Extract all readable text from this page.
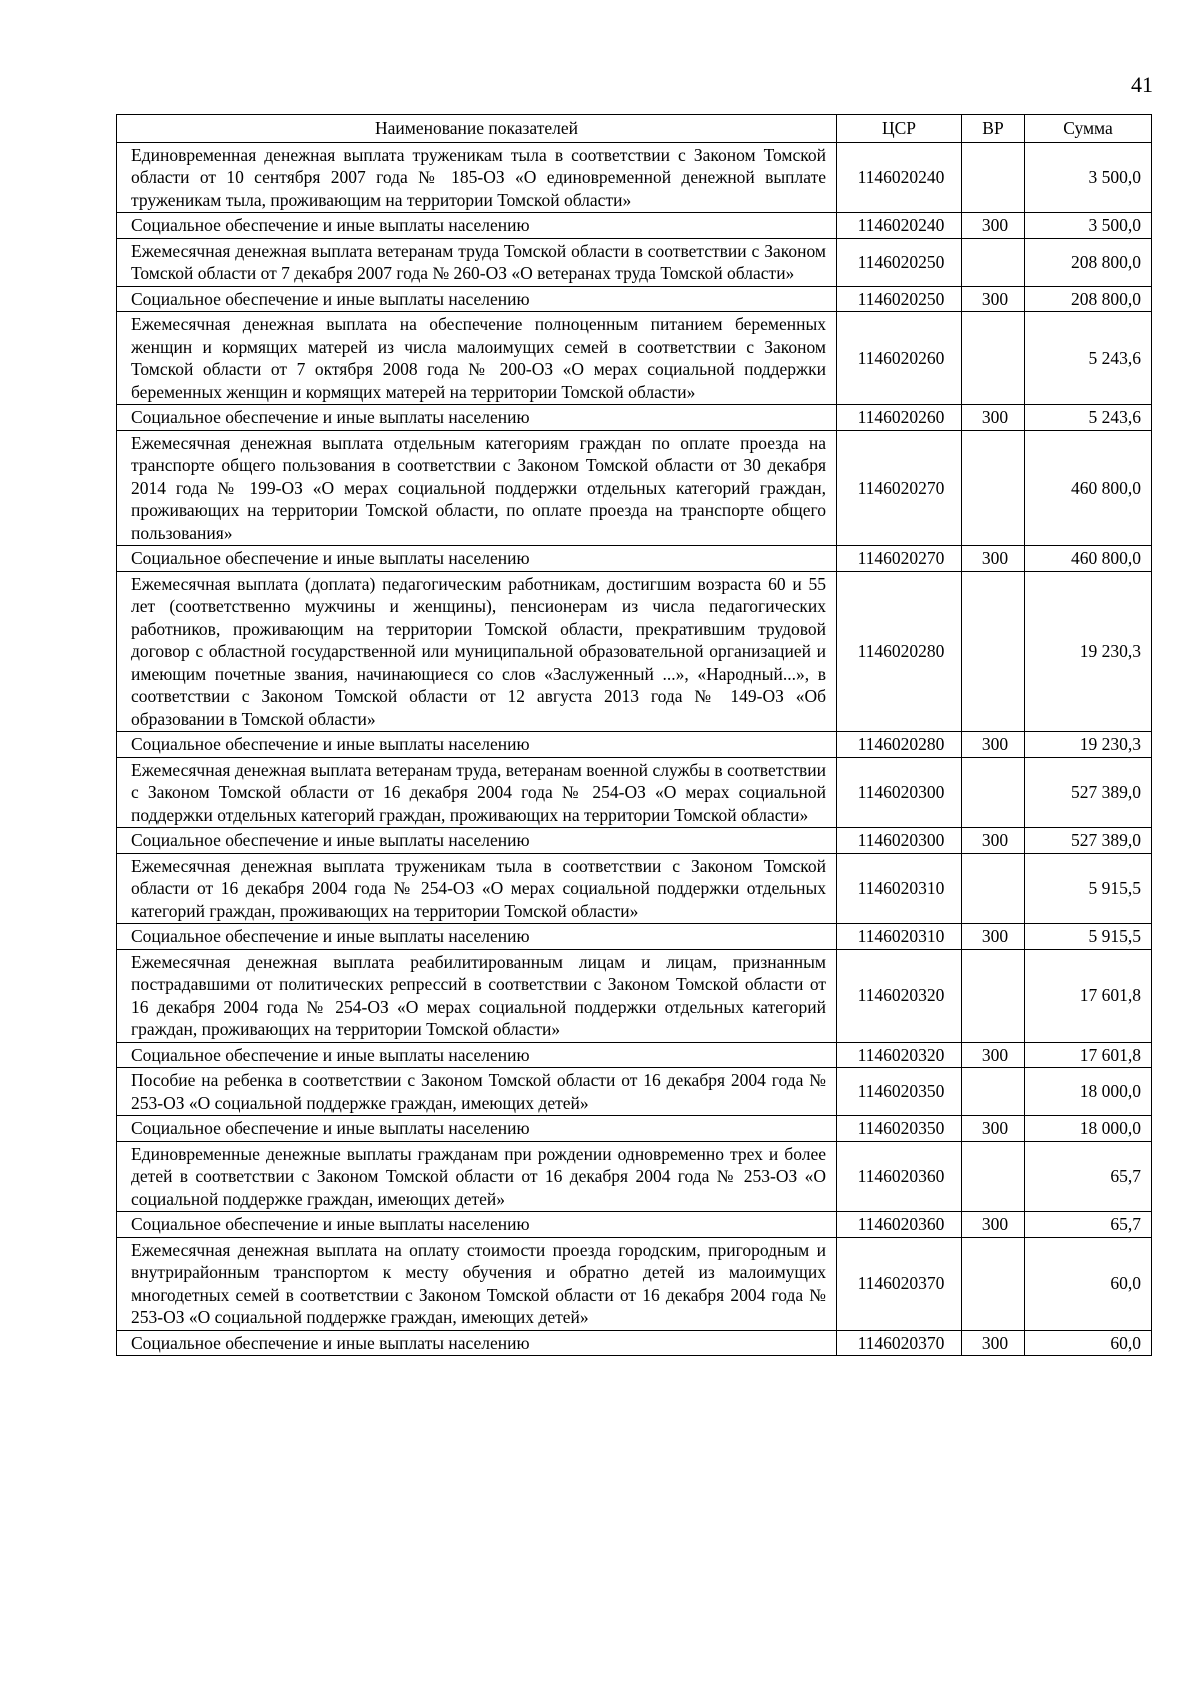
41
Наименование показателей	ЦСР	ВР	Сумма
Единовременная денежная выплата труженикам тыла в соответствии с Законом Томской области от 10 сентября 2007 года № 185-ОЗ «О единовременной денежной выплате труженикам тыла, проживающим на территории Томской области»	1146020240		3 500,0
Социальное обеспечение и иные выплаты населению	1146020240	300	3 500,0
Ежемесячная денежная выплата ветеранам труда Томской области в соответствии с Законом Томской области от 7 декабря 2007 года № 260-ОЗ «О ветеранах труда Томской области»	1146020250		208 800,0
Социальное обеспечение и иные выплаты населению	1146020250	300	208 800,0
Ежемесячная денежная выплата на обеспечение полноценным питанием беременных женщин и кормящих матерей из числа малоимущих семей в соответствии с Законом Томской области от 7 октября 2008 года № 200-ОЗ «О мерах социальной поддержки беременных женщин и кормящих матерей на территории Томской области»	1146020260		5 243,6
Социальное обеспечение и иные выплаты населению	1146020260	300	5 243,6
Ежемесячная денежная выплата отдельным категориям граждан по оплате проезда на транспорте общего пользования в соответствии с Законом Томской области от 30 декабря 2014 года № 199-ОЗ «О мерах социальной поддержки отдельных категорий граждан, проживающих на территории Томской области, по оплате проезда на транспорте общего пользования»	1146020270		460 800,0
Социальное обеспечение и иные выплаты населению	1146020270	300	460 800,0
Ежемесячная выплата (доплата) педагогическим работникам, достигшим возраста 60 и 55 лет (соответственно мужчины и женщины), пенсионерам из числа педагогических работников, проживающим на территории Томской области, прекратившим трудовой договор с областной государственной или муниципальной образовательной организацией и имеющим почетные звания, начинающиеся со слов «Заслуженный ...», «Народный...», в соответствии с Законом Томской области от 12 августа 2013 года № 149-ОЗ «Об образовании в Томской области»	1146020280		19 230,3
Социальное обеспечение и иные выплаты населению	1146020280	300	19 230,3
Ежемесячная денежная выплата ветеранам труда, ветеранам военной службы в соответствии с Законом Томской области от 16 декабря 2004 года № 254-ОЗ «О мерах социальной поддержки отдельных категорий граждан, проживающих на территории Томской области»	1146020300		527 389,0
Социальное обеспечение и иные выплаты населению	1146020300	300	527 389,0
Ежемесячная денежная выплата труженикам тыла в соответствии с Законом Томской области от 16 декабря 2004 года № 254-ОЗ «О мерах социальной поддержки отдельных категорий граждан, проживающих на территории Томской области»	1146020310		5 915,5
Социальное обеспечение и иные выплаты населению	1146020310	300	5 915,5
Ежемесячная денежная выплата реабилитированным лицам и лицам, признанным пострадавшими от политических репрессий в соответствии с Законом Томской области от 16 декабря 2004 года № 254-ОЗ «О мерах социальной поддержки отдельных категорий граждан, проживающих на территории Томской области»	1146020320		17 601,8
Социальное обеспечение и иные выплаты населению	1146020320	300	17 601,8
Пособие на ребенка в соответствии с Законом Томской области от 16 декабря 2004 года № 253-ОЗ «О социальной поддержке граждан, имеющих детей»	1146020350		18 000,0
Социальное обеспечение и иные выплаты населению	1146020350	300	18 000,0
Единовременные денежные выплаты гражданам при рождении одновременно трех и более детей в соответствии с Законом Томской области от 16 декабря 2004 года № 253-ОЗ «О социальной поддержке граждан, имеющих детей»	1146020360		65,7
Социальное обеспечение и иные выплаты населению	1146020360	300	65,7
Ежемесячная денежная выплата на оплату стоимости проезда городским, пригородным и внутрирайонным транспортом к месту обучения и обратно детей из малоимущих многодетных семей в соответствии с Законом Томской области от 16 декабря 2004 года № 253-ОЗ «О социальной поддержке граждан, имеющих детей»	1146020370		60,0
Социальное обеспечение и иные выплаты населению	1146020370	300	60,0
